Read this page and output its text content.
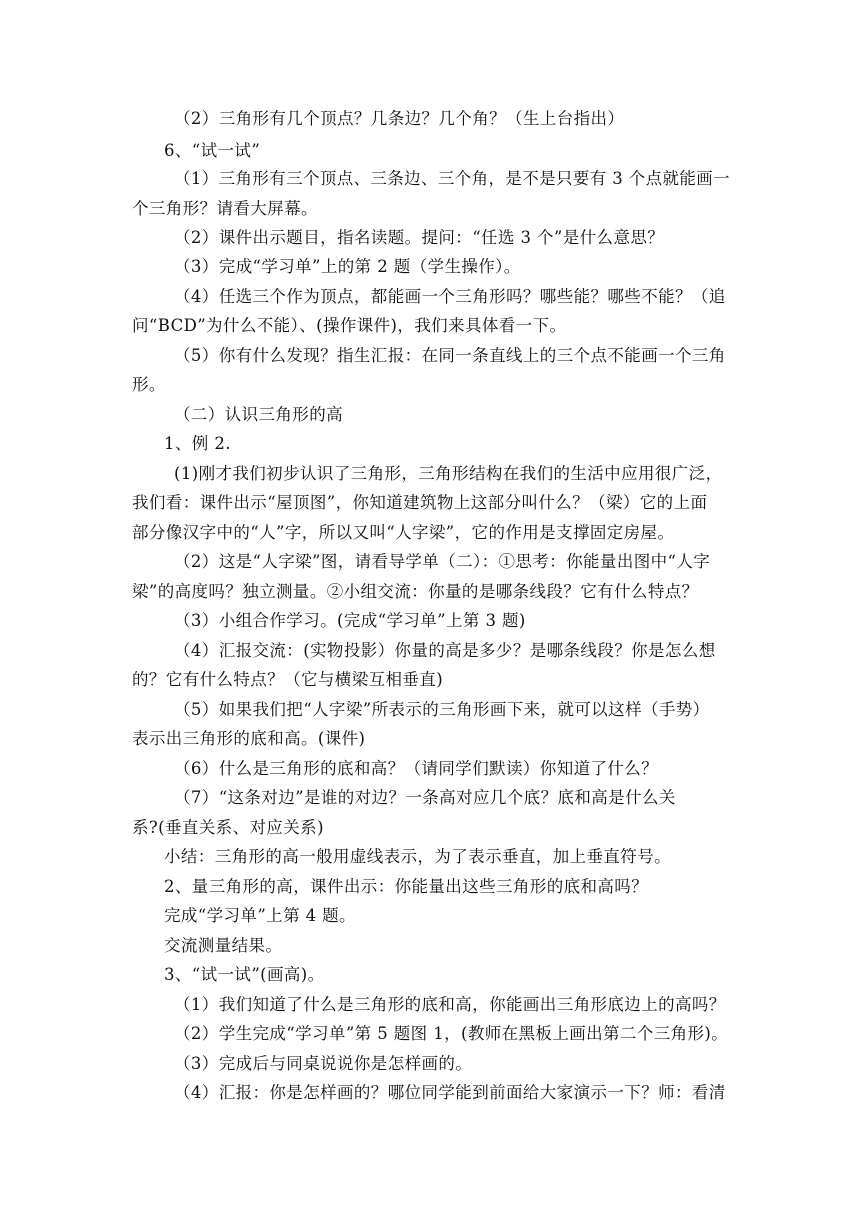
（2）三角形有几个顶点？几条边？几个角？（生上台指出）
6、“试一试”
（1）三角形有三个顶点、三条边、三个角，是不是只要有 3 个点就能画一
个三角形？请看大屏幕。
（2）课件出示题目，指名读题。提问：“任选 3 个”是什么意思？
（3）完成“学习单”上的第 2 题（学生操作）。
（4）任选三个作为顶点，都能画一个三角形吗？哪些能？哪些不能？（追
问“BCD”为什么不能）、(操作课件)，我们来具体看一下。
（5）你有什么发现？指生汇报：在同一条直线上的三个点不能画一个三角
形。
（二）认识三角形的高
1、例 2.
(1)刚才我们初步认识了三角形，三角形结构在我们的生活中应用很广泛，
我们看：课件出示“屋顶图”，你知道建筑物上这部分叫什么？（梁）它的上面
部分像汉字中的“人”字，所以又叫“人字梁”，它的作用是支撑固定房屋。
（2）这是“人字梁”图，请看导学单（二）：①思考：你能量出图中“人字
梁”的高度吗？独立测量。②小组交流：你量的是哪条线段？它有什么特点？
（3）小组合作学习。(完成“学习单”上第 3 题)
（4）汇报交流：(实物投影）你量的高是多少？是哪条线段？你是怎么想
的？它有什么特点？（它与横梁互相垂直)
（5）如果我们把“人字梁”所表示的三角形画下来，就可以这样（手势）
表示出三角形的底和高。(课件)
（6）什么是三角形的底和高？（请同学们默读）你知道了什么？
（7）“这条对边”是谁的对边？一条高对应几个底？底和高是什么关
系?(垂直关系、对应关系)
小结：三角形的高一般用虚线表示，为了表示垂直，加上垂直符号。
2、量三角形的高，课件出示：你能量出这些三角形的底和高吗？
完成“学习单”上第 4 题。
交流测量结果。
3、“试一试”(画高)。
（1）我们知道了什么是三角形的底和高，你能画出三角形底边上的高吗？
（2）学生完成“学习单”第 5 题图 1，(教师在黑板上画出第二个三角形)。
（3）完成后与同桌说说你是怎样画的。
（4）汇报：你是怎样画的？哪位同学能到前面给大家演示一下？师：看清
